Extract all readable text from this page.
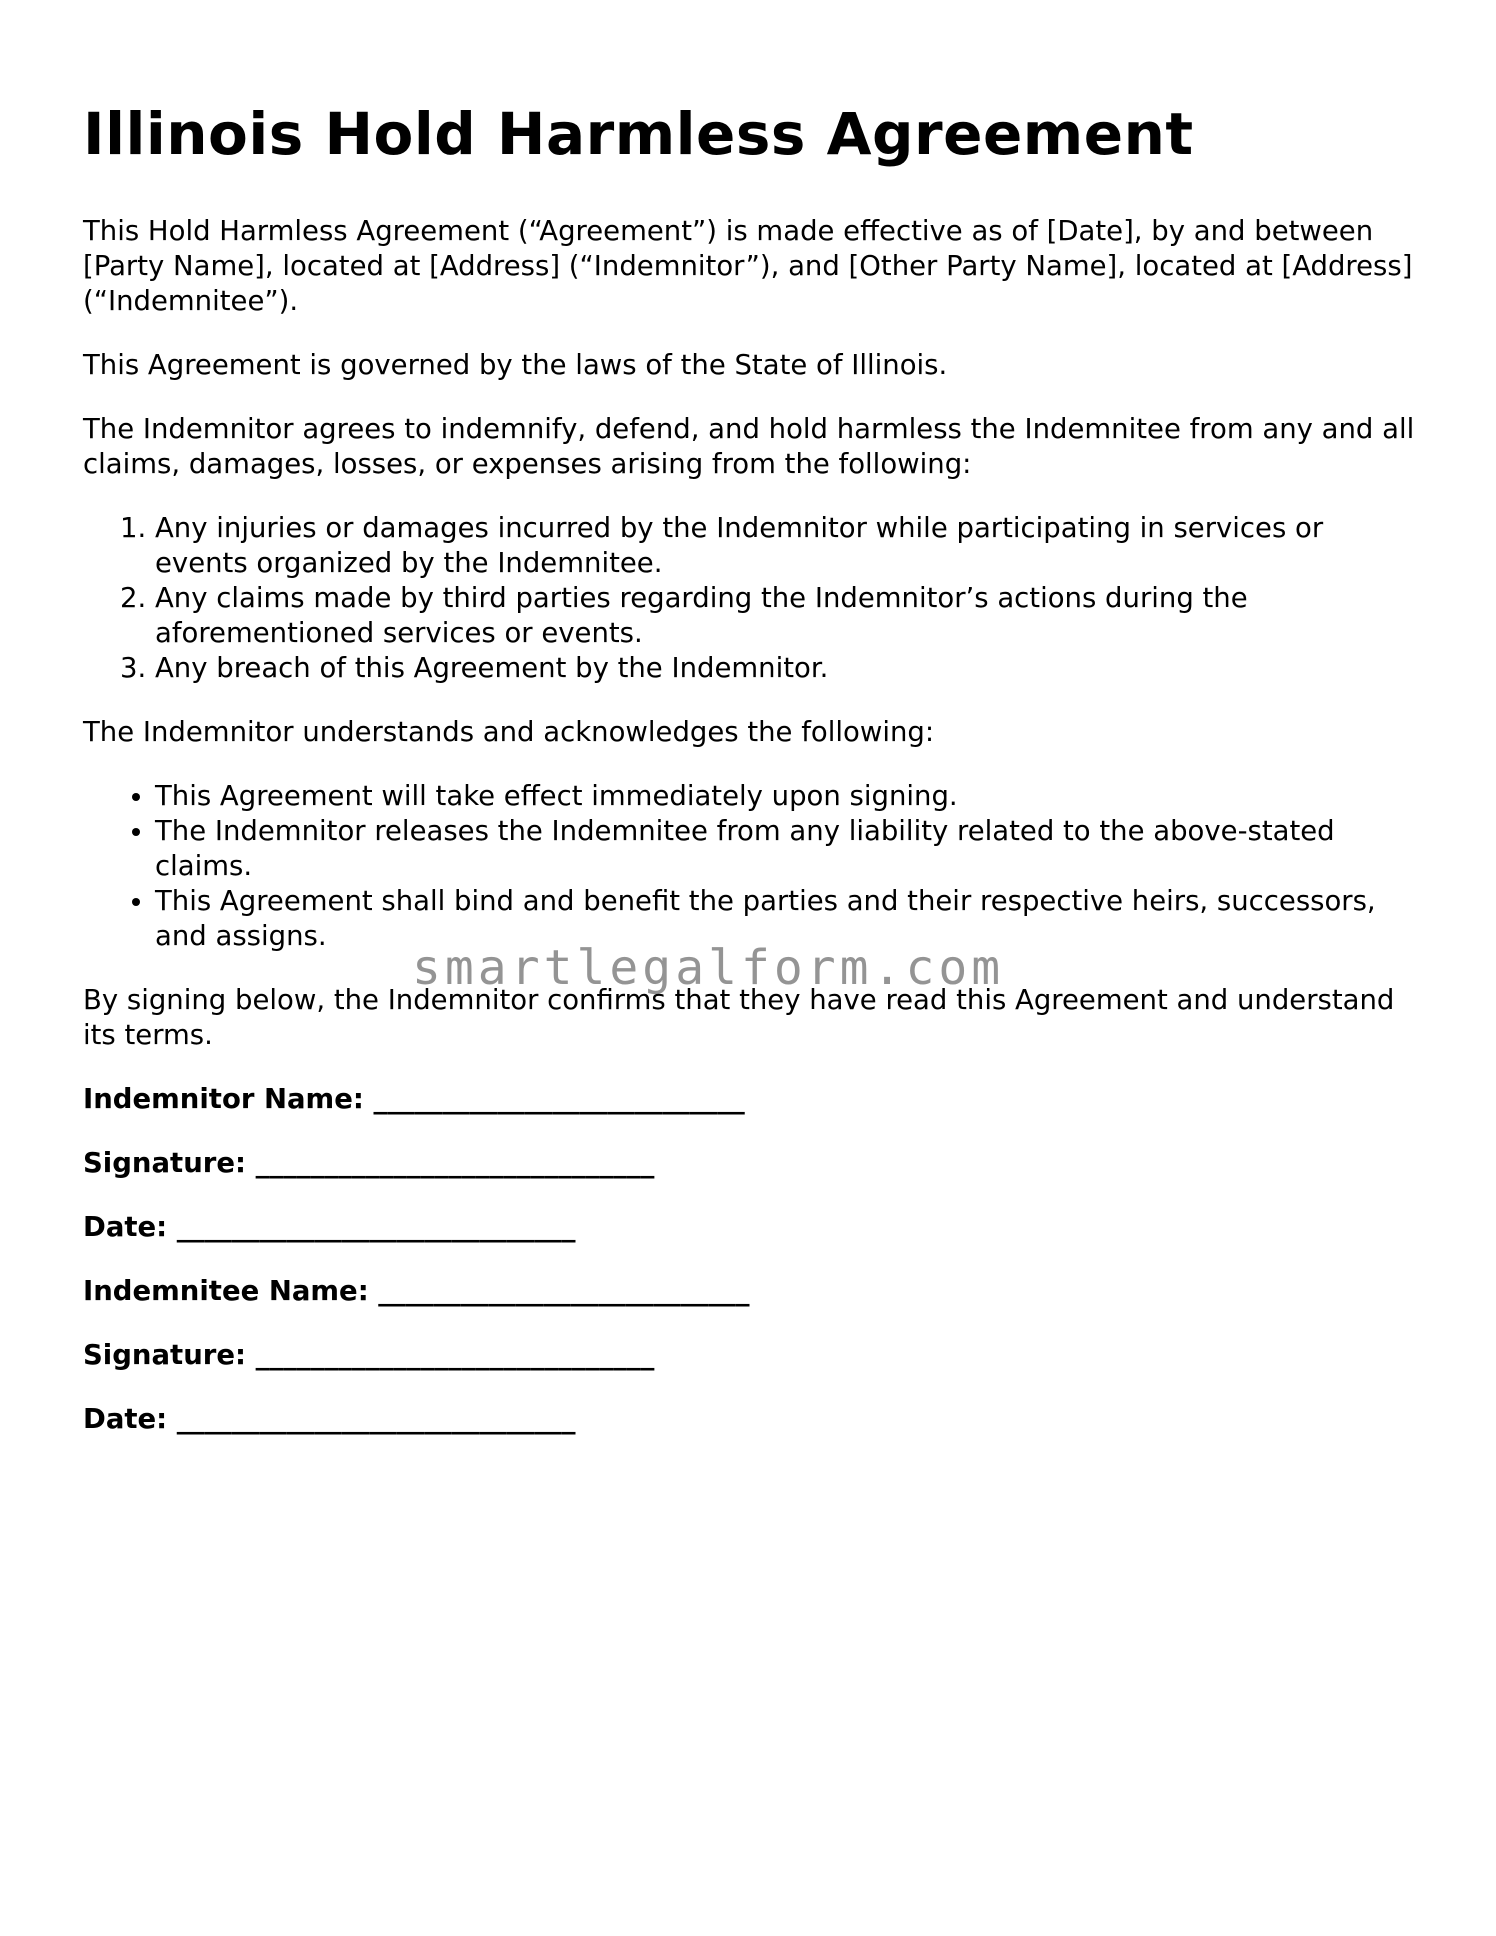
Illinois Hold Harmless Agreement

This Hold Harmless Agreement (“Agreement”) is made effective as of [Date], by and between [Party Name], located at [Address] (“Indemnitor”), and [Other Party Name], located at [Address] (“Indemnitee”).

This Agreement is governed by the laws of the State of Illinois.

The Indemnitor agrees to indemnify, defend, and hold harmless the Indemnitee from any and all claims, damages, losses, or expenses arising from the following:

1. Any injuries or damages incurred by the Indemnitor while participating in services or events organized by the Indemnitee.
2. Any claims made by third parties regarding the Indemnitor’s actions during the aforementioned services or events.
3. Any breach of this Agreement by the Indemnitor.

The Indemnitor understands and acknowledges the following:

• This Agreement will take effect immediately upon signing.
• The Indemnitor releases the Indemnitee from any liability related to the above-stated claims.
• This Agreement shall bind and benefit the parties and their respective heirs, successors, and assigns.

By signing below, the Indemnitor confirms that they have read this Agreement and understand its terms.

Indemnitor Name: ___________________________
Signature: _____________________________
Date: _____________________________
Indemnitee Name: ___________________________
Signature: _____________________________
Date: _____________________________
smartlegalform.com
